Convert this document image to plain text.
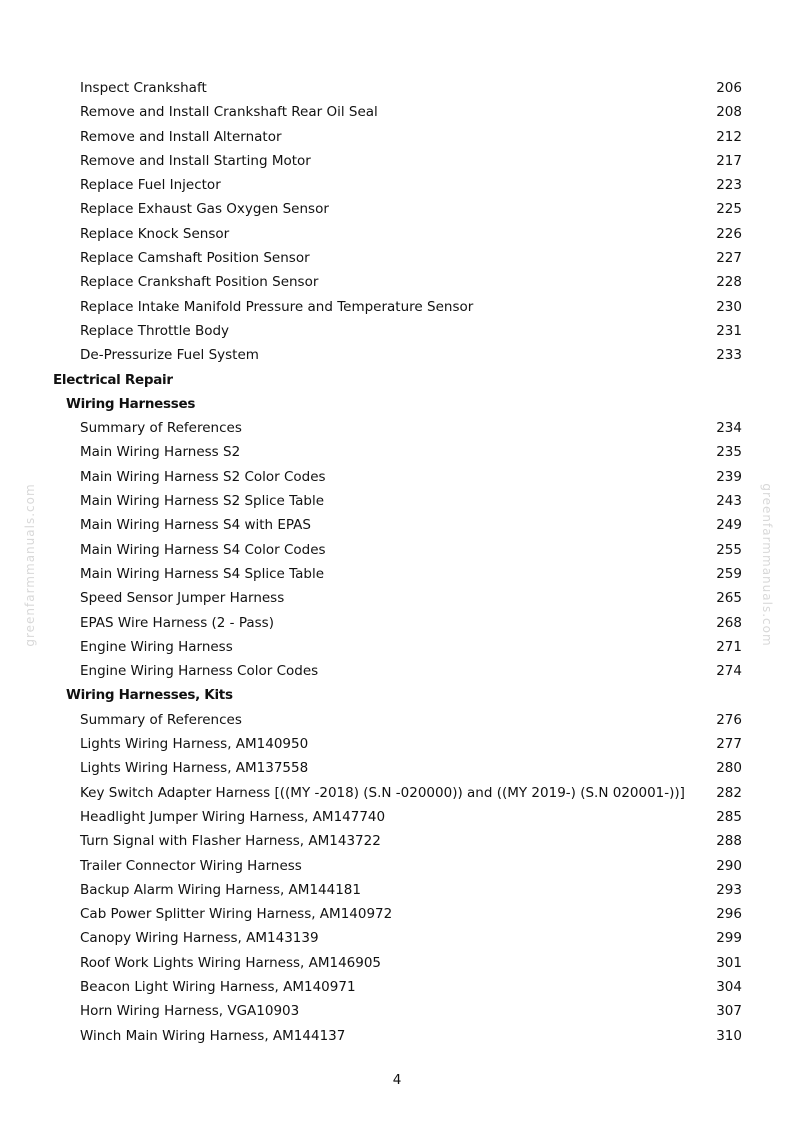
greenfarmmanuals.com	greenfarmmanuals.com
Inspect Crankshaft	206
Remove and Install Crankshaft Rear Oil Seal	208
Remove and Install Alternator	212
Remove and Install Starting Motor	217
Replace Fuel Injector	223
Replace Exhaust Gas Oxygen Sensor	225
Replace Knock Sensor	226
Replace Camshaft Position Sensor	227
Replace Crankshaft Position Sensor	228
Replace Intake Manifold Pressure and Temperature Sensor	230
Replace Throttle Body	231
De-Pressurize Fuel System	233
Electrical Repair
Wiring Harnesses
Summary of References	234
Main Wiring Harness S2	235
Main Wiring Harness S2 Color Codes	239
Main Wiring Harness S2 Splice Table	243
Main Wiring Harness S4 with EPAS	249
Main Wiring Harness S4 Color Codes	255
Main Wiring Harness S4 Splice Table	259
Speed Sensor Jumper Harness	265
EPAS Wire Harness (2 - Pass)	268
Engine Wiring Harness	271
Engine Wiring Harness Color Codes	274
Wiring Harnesses, Kits
Summary of References	276
Lights Wiring Harness, AM140950	277
Lights Wiring Harness, AM137558	280
Key Switch Adapter Harness [((MY -2018) (S.N -020000)) and ((MY 2019-) (S.N 020001-))] 282
Headlight Jumper Wiring Harness, AM147740	285
Turn Signal with Flasher Harness, AM143722	288
Trailer Connector Wiring Harness	290
Backup Alarm Wiring Harness, AM144181	293
Cab Power Splitter Wiring Harness, AM140972	296
Canopy Wiring Harness, AM143139	299
Roof Work Lights Wiring Harness, AM146905	301
Beacon Light Wiring Harness, AM140971	304
Horn Wiring Harness, VGA10903	307
Winch Main Wiring Harness, AM144137	310
4
